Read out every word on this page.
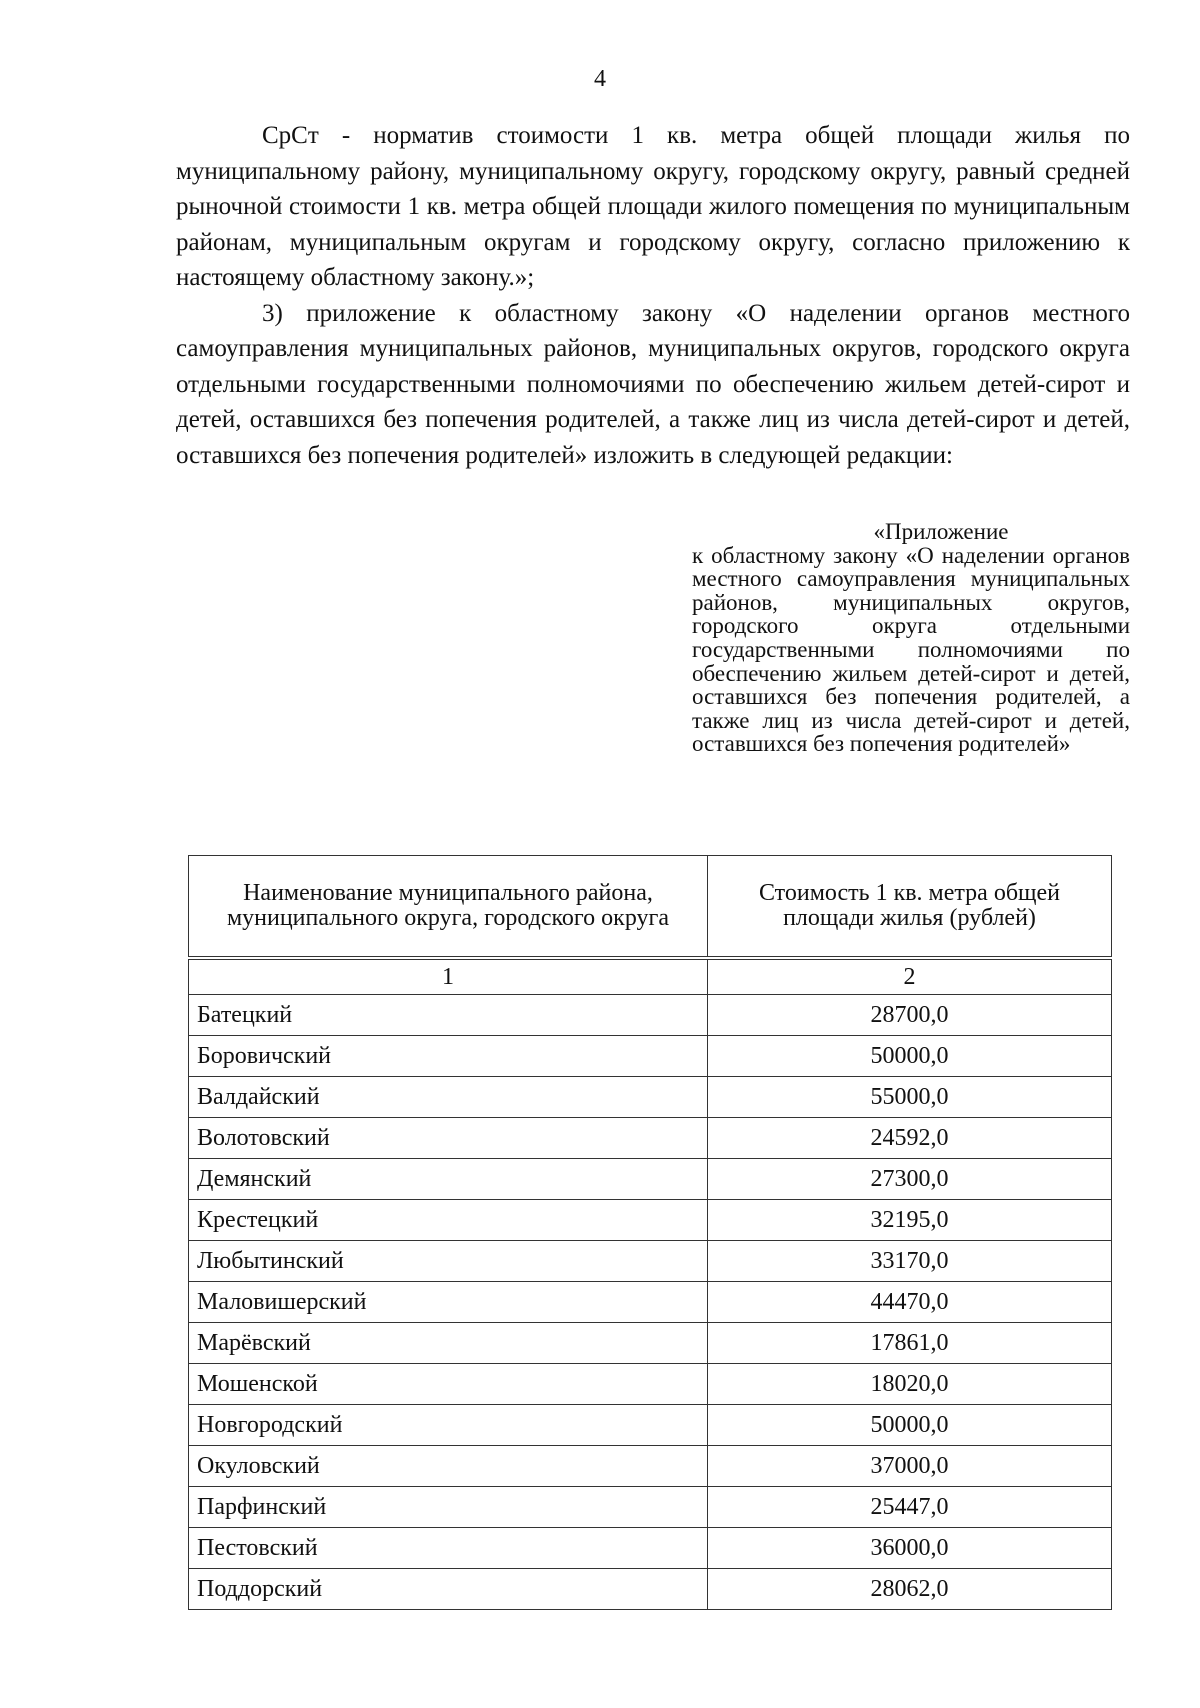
4

CрCт - норматив стоимости 1 кв. метра общей площади жилья по муниципальному району, муниципальному округу, городскому округу, равный средней рыночной стоимости 1 кв. метра общей площади жилого помещения по муниципальным районам, муниципальным округам и городскому округу, согласно приложению к настоящему областному закону.»;

3) приложение к областному закону «О наделении органов местного самоуправления муниципальных районов, муниципальных округов, городского округа отдельными государственными полномочиями по обеспечению жильем детей-сирот и детей, оставшихся без попечения родителей, а также лиц из числа детей-сирот и детей, оставшихся без попечения родителей» изложить в следующей редакции:

«Приложение
к областному закону «О наделении органов местного самоуправления муниципальных районов, муниципальных округов, городского округа отдельными государственными полномочиями по обеспечению жильем детей-сирот и детей, оставшихся без попечения родителей, а также лиц из числа детей-сирот и детей, оставшихся без попечения родителей»
Наименование муниципального района, муниципального округа, городского округа	Стоимость 1 кв. метра общей площади жилья (рублей)
1	2
Батецкий	28700,0
Боровичский	50000,0
Валдайский	55000,0
Волотовский	24592,0
Демянский	27300,0
Крестецкий	32195,0
Любытинский	33170,0
Маловишерский	44470,0
Марёвский	17861,0
Мошенской	18020,0
Новгородский	50000,0
Окуловский	37000,0
Парфинский	25447,0
Пестовский	36000,0
Поддорский	28062,0
